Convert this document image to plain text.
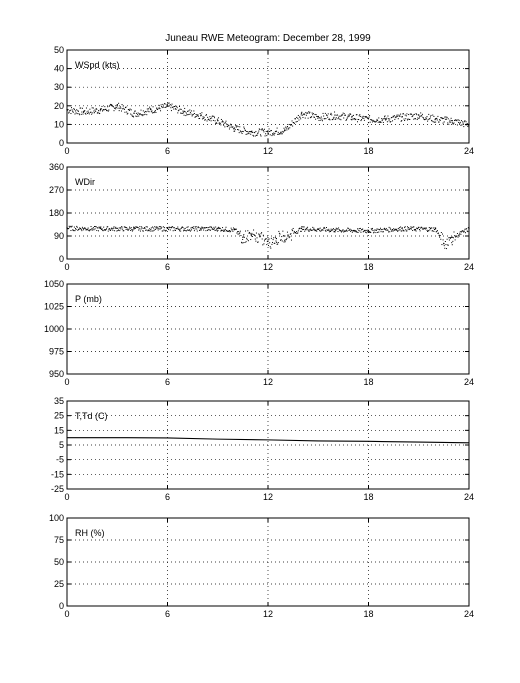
Juneau RWE Meteogram: December 28, 1999
0	6	12	18	24
0
10
20
30
40
50
WSpd (kts)
0	6	12	18	24
0
90
180
270
360
WDir
0	6	12	18	24
950
975
1000
1025
1050
P (mb)
0	6	12	18	24
-25
-15
-5
5
15
25
35
T,Td (C)
0	6	12	18	24
0
25
50
75
100
RH (%)
